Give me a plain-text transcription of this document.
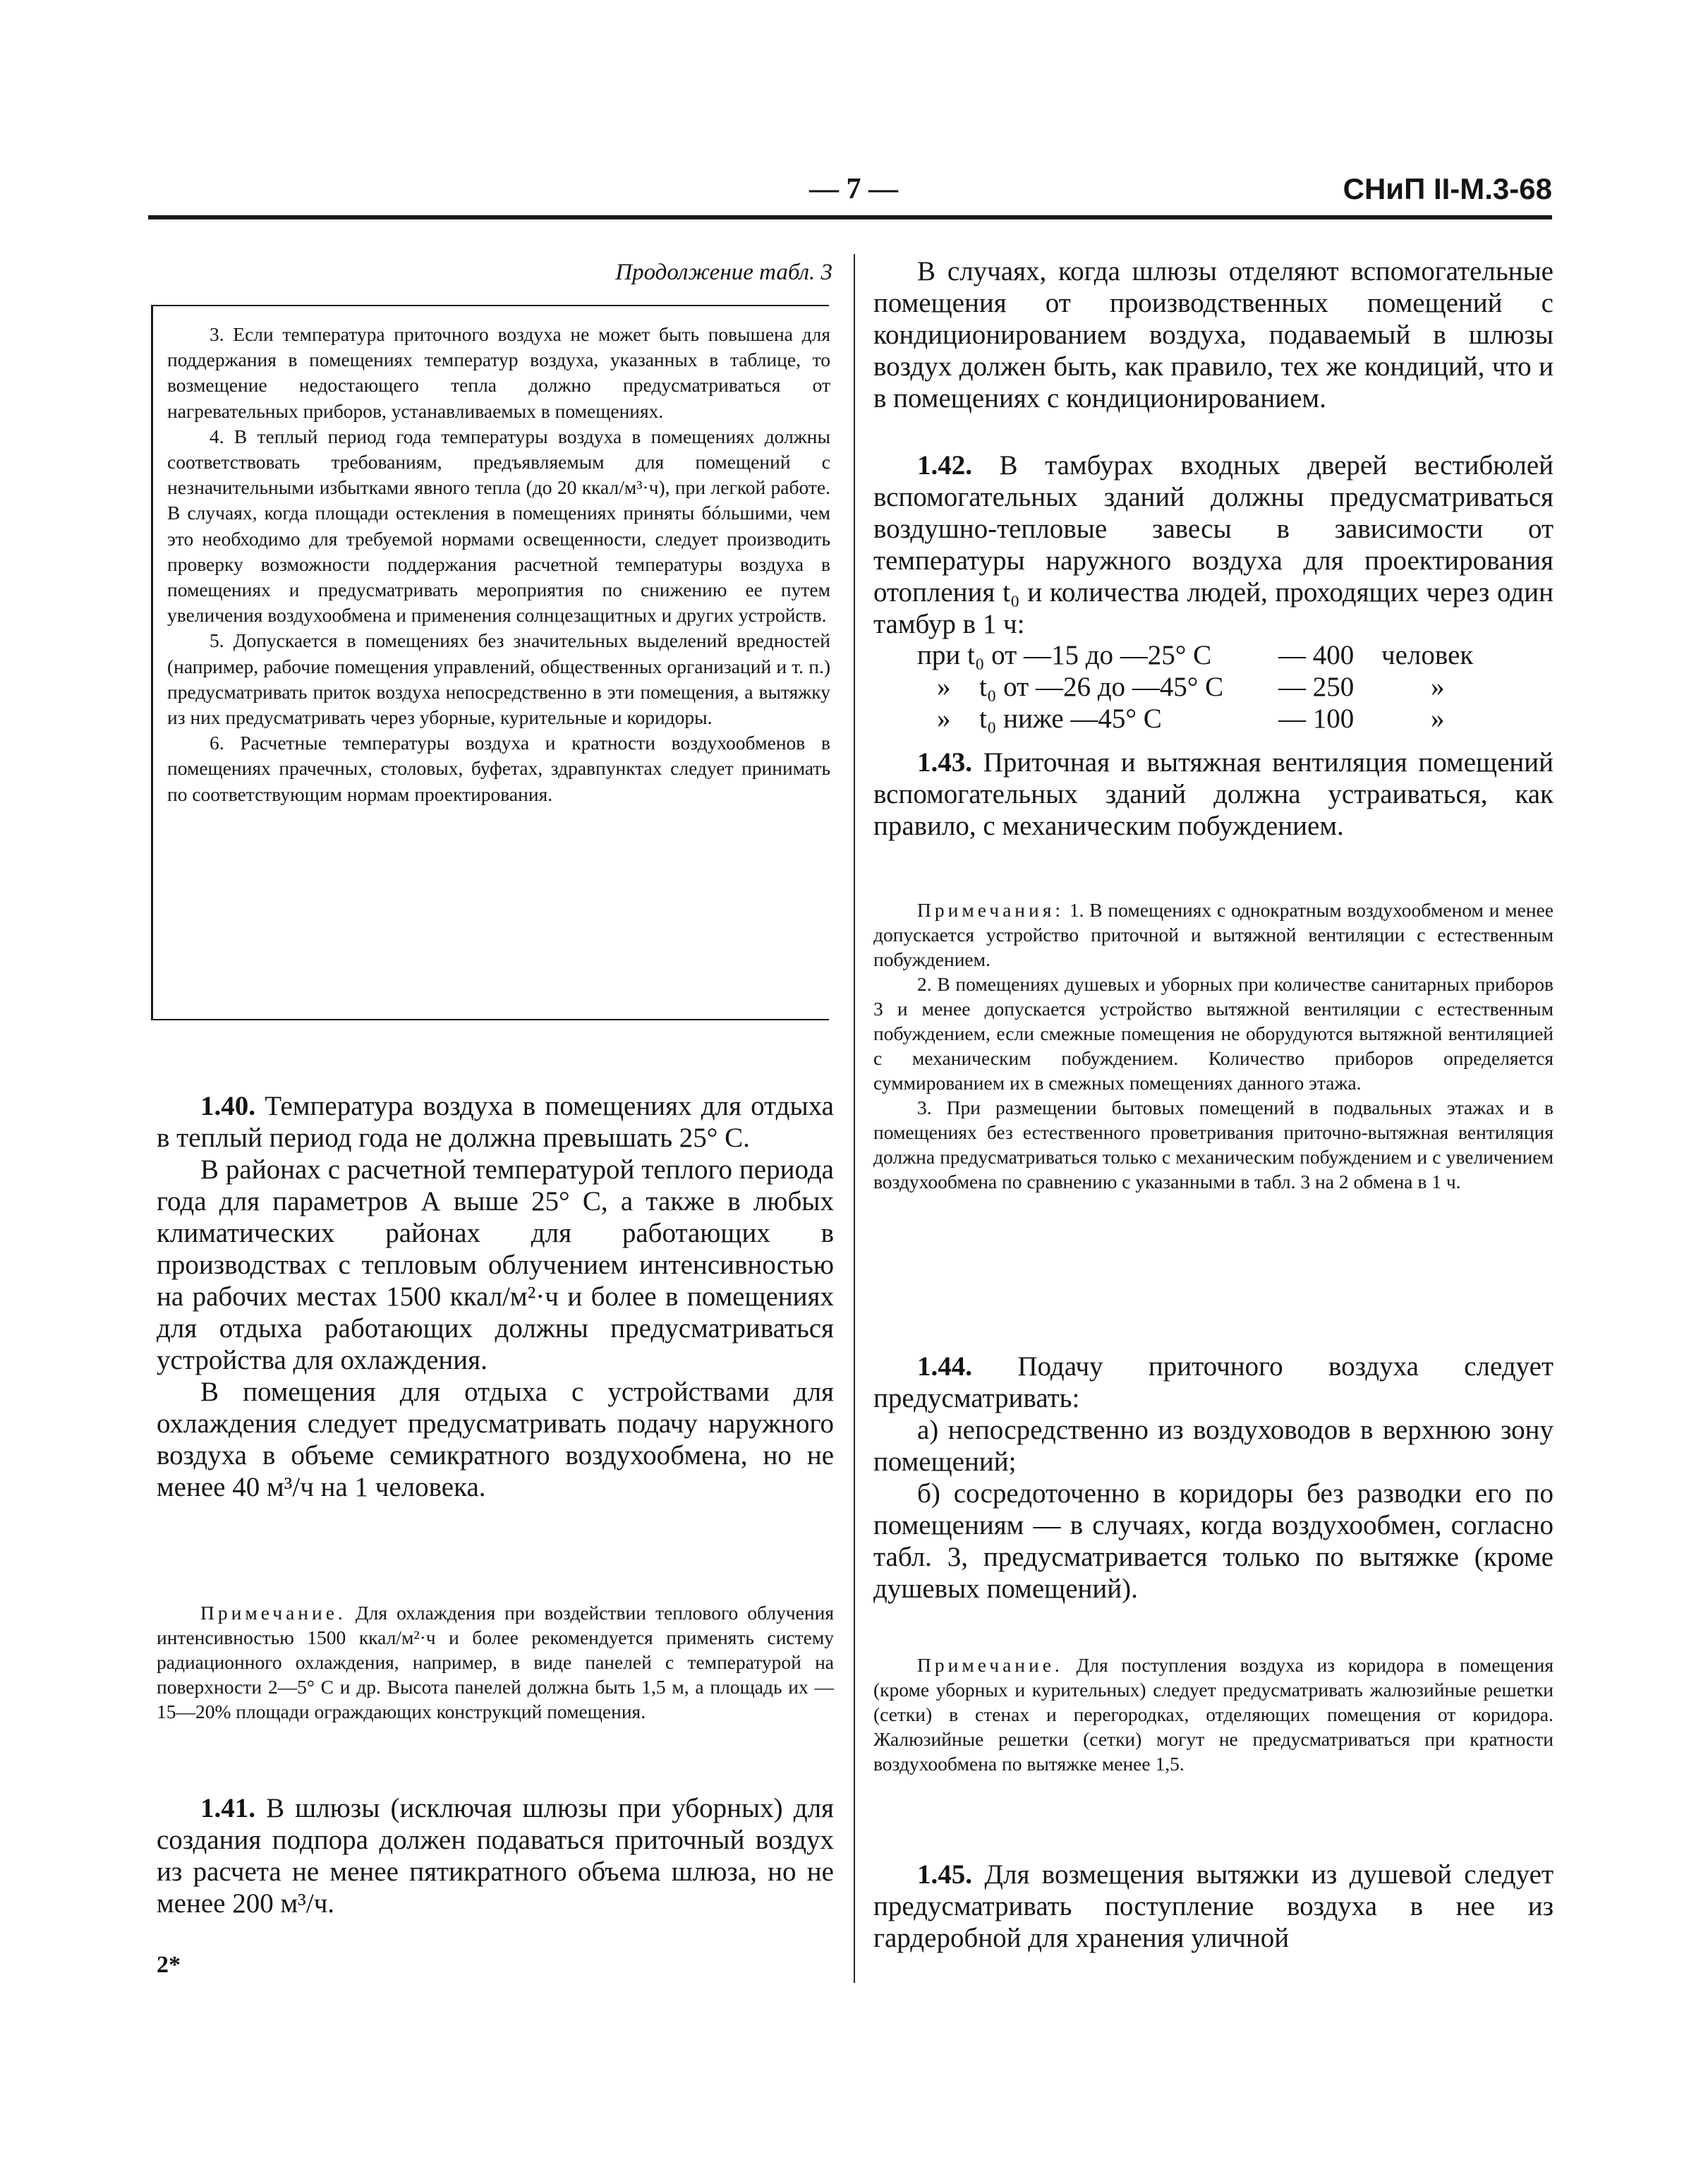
— 7 —	СНиП II-М.3-68
Продолжение табл. 3

3. Если температура приточного воздуха не может быть повышена для поддержания в помещениях температур воздуха, указанных в таблице, то возмещение недостающего тепла должно предусматриваться от нагревательных приборов, устанавливаемых в помещениях.

4. В теплый период года температуры воздуха в помещениях должны соответствовать требованиям, предъявляемым для помещений с незначительными избытками явного тепла (до 20 ккал/м³·ч), при легкой работе. В случаях, когда площади остекления в помещениях приняты бóльшими, чем это необходимо для требуемой нормами освещенности, следует производить проверку возможности поддержания расчетной температуры воздуха в помещениях и предусматривать мероприятия по снижению ее путем увеличения воздухообмена и применения солнцезащитных и других устройств.

5. Допускается в помещениях без значительных выделений вредностей (например, рабочие помещения управлений, общественных организаций и т. п.) предусматривать приток воздуха непосредственно в эти помещения, а вытяжку из них предусматривать через уборные, курительные и коридоры.

6. Расчетные температуры воздуха и кратности воздухообменов в помещениях прачечных, столовых, буфетах, здравпунктах следует принимать по соответствующим нормам проектирования.

1.40. Температура воздуха в помещениях для отдыха в теплый период года не должна превышать 25° С.

В районах с расчетной температурой теплого периода года для параметров А выше 25° С, а также в любых климатических районах для работающих в производствах с тепловым облучением интенсивностью на рабочих местах 1500 ккал/м²·ч и более в помещениях для отдыха работающих должны предусматриваться устройства для охлаждения.

В помещения для отдыха с устройствами для охлаждения следует предусматривать подачу наружного воздуха в объеме семикратного воздухообмена, но не менее 40 м³/ч на 1 человека.

Примечание. Для охлаждения при воздействии теплового облучения интенсивностью 1500 ккал/м²·ч и более рекомендуется применять систему радиационного охлаждения, например, в виде панелей с температурой на поверхности 2—5° С и др. Высота панелей должна быть 1,5 м, а площадь их — 15—20% площади ограждающих конструкций помещения.

1.41. В шлюзы (исключая шлюзы при уборных) для создания подпора должен подаваться приточный воздух из расчета не менее пятикратного объема шлюза, но не менее 200 м³/ч.

2*

В случаях, когда шлюзы отделяют вспомогательные помещения от производственных помещений с кондиционированием воздуха, подаваемый в шлюзы воздух должен быть, как правило, тех же кондиций, что и в помещениях с кондиционированием.

1.42. В тамбурах входных дверей вестибюлей вспомогательных зданий должны предусматриваться воздушно-тепловые завесы в зависимости от температуры наружного воздуха для проектирования отопления t₀ и количества людей, проходящих через один тамбур в 1 ч:

при t₀ от —15 до —25° С — 400 человек
» t₀ от —26 до —45° С — 250	»
» t₀ ниже —45° С	— 100	»

1.43. Приточная и вытяжная вентиляция помещений вспомогательных зданий должна устраиваться, как правило, с механическим побуждением.

Примечания: 1. В помещениях с однократным воздухообменом и менее допускается устройство приточной и вытяжной вентиляции с естественным побуждением.

2. В помещениях душевых и уборных при количестве санитарных приборов 3 и менее допускается устройство вытяжной вентиляции с естественным побуждением, если смежные помещения не оборудуются вытяжной вентиляцией с механическим побуждением. Количество приборов определяется суммированием их в смежных помещениях данного этажа.

3. При размещении бытовых помещений в подвальных этажах и в помещениях без естественного проветривания приточно-вытяжная вентиляция должна предусматриваться только с механическим побуждением и с увеличением воздухообмена по сравнению с указанными в табл. 3 на 2 обмена в 1 ч.

1.44. Подачу приточного воздуха следует предусматривать:

а) непосредственно из воздуховодов в верхнюю зону помещений;

б) сосредоточенно в коридоры без разводки его по помещениям — в случаях, когда воздухообмен, согласно табл. 3, предусматривается только по вытяжке (кроме душевых помещений).

Примечание. Для поступления воздуха из коридора в помещения (кроме уборных и курительных) следует предусматривать жалюзийные решетки (сетки) в стенах и перегородках, отделяющих помещения от коридора. Жалюзийные решетки (сетки) могут не предусматриваться при кратности воздухообмена по вытяжке менее 1,5.

1.45. Для возмещения вытяжки из душевой следует предусматривать поступление воздуха в нее из гардеробной для хранения уличной
